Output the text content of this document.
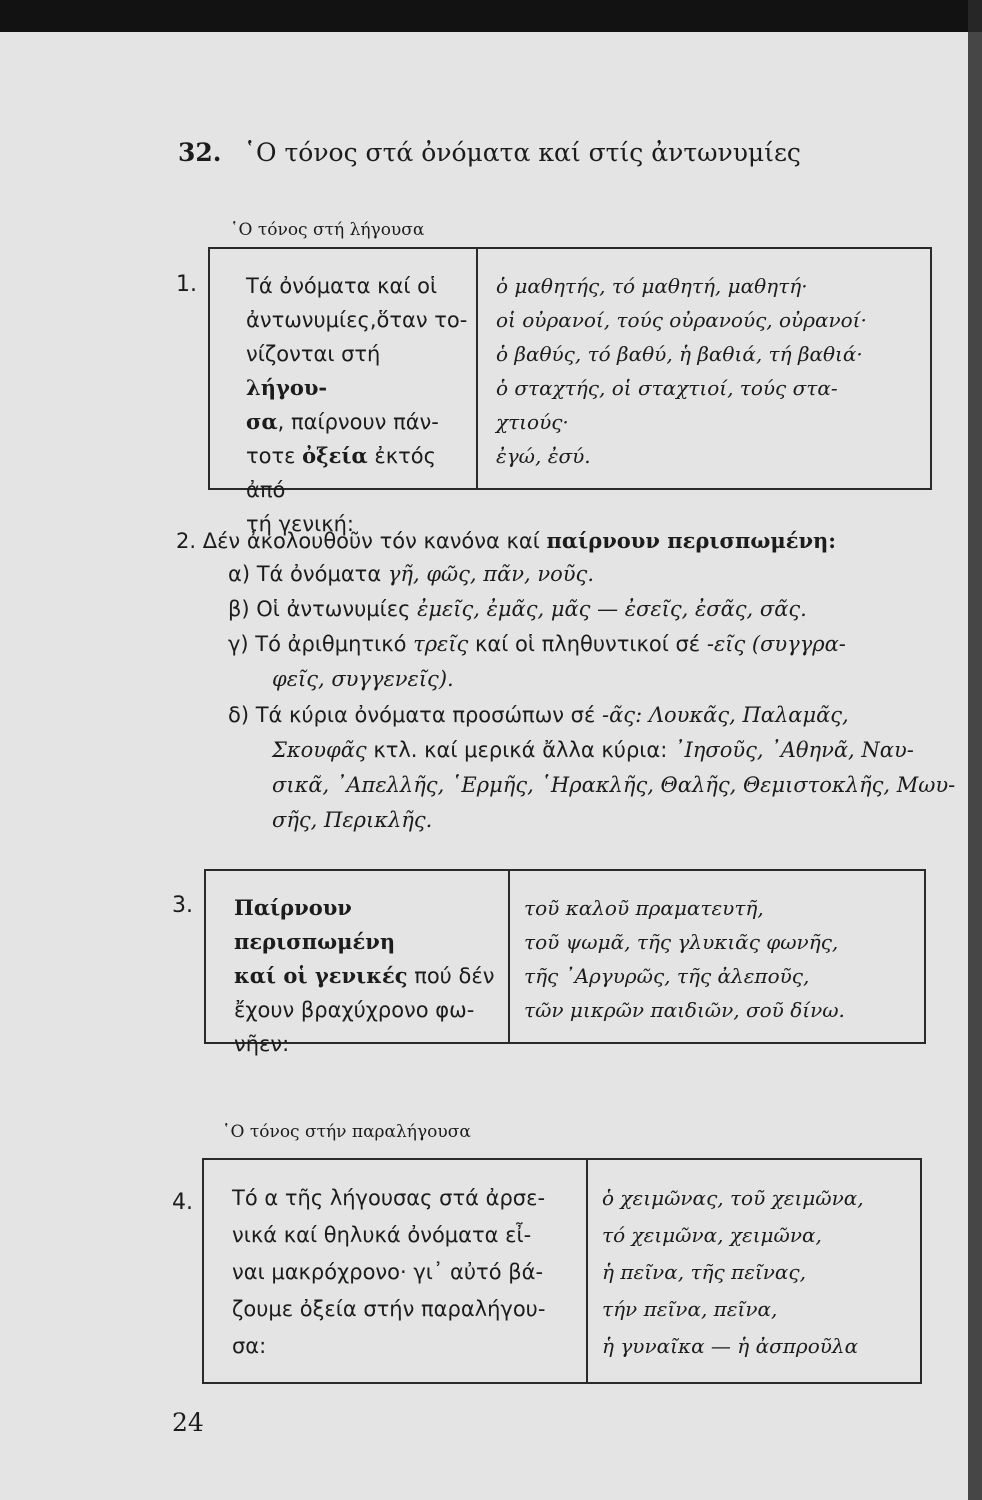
32. ῾Ο τόνος στά ὀνόματα καί στίς ἀντωνυμίες
῾Ο τόνος στή λήγουσα
1. Τά ὀνόματα καί οἱ
ἀντωνυμίες,ὅταν το-
νίζονται στή λήγου-
σα, παίρνουν πάν-
τοτε ὀξεία ἐκτός ἀπό
τή γενική:
ὁ μαθητής, τό μαθητή, μαθητή·
οἱ οὐρανοί, τούς οὐρανούς, οὐρανοί·
ὁ βαθύς, τό βαθύ, ἡ βαθιά, τή βαθιά·
ὁ σταχτής, οἱ σταχτιοί, τούς στα-
χτιούς·
ἐγώ, ἐσύ.
2. Δέν ἀκολουθοῦν τόν κανόνα καί παίρνουν περισπωμένη:
α) Τά ὀνόματα γῆ, φῶς, πᾶν, νοῦς.
β) Οἱ ἀντωνυμίες ἐμεῖς, ἐμᾶς, μᾶς — ἐσεῖς, ἐσᾶς, σᾶς.
γ) Τό ἀριθμητικό τρεῖς καί οἱ πληθυντικοί σέ -εῖς (συγγρα-
φεῖς, συγγενεῖς).
δ) Τά κύρια ὀνόματα προσώπων σέ -ᾶς: Λουκᾶς, Παλαμᾶς,
Σκουφᾶς κτλ. καί μερικά ἄλλα κύρια: ᾽Ιησοῦς, ᾽Αθηνᾶ, Ναυ-
σικᾶ, ᾽Απελλῆς, ῾Ερμῆς, ῾Ηρακλῆς, Θαλῆς, Θεμιστοκλῆς, Μωυ-
σῆς, Περικλῆς.
3. Παίρνουν περισπωμένη
καί οἱ γενικές πού δέν
ἔχουν βραχύχρονο φω-
νῆεν:
τοῦ καλοῦ πραματευτῆ,
τοῦ ψωμᾶ, τῆς γλυκιᾶς φωνῆς,
τῆς ᾽Αργυρῶς, τῆς ἀλεποῦς,
τῶν μικρῶν παιδιῶν, σοῦ δίνω.
῾Ο τόνος στήν παραλήγουσα
4. Τό α τῆς λήγουσας στά ἀρσε-
νικά καί θηλυκά ὀνόματα εἶ-
ναι μακρόχρονο· γι᾽ αὐτό βά-
ζουμε ὀξεία στήν παραλήγου-
σα:
ὁ χειμῶνας, τοῦ χειμῶνα,
τό χειμῶνα, χειμῶνα,
ἡ πεῖνα, τῆς πεῖνας,
τήν πεῖνα, πεῖνα,
ἡ γυναῖκα — ἡ ἀσπροῦλα
24
